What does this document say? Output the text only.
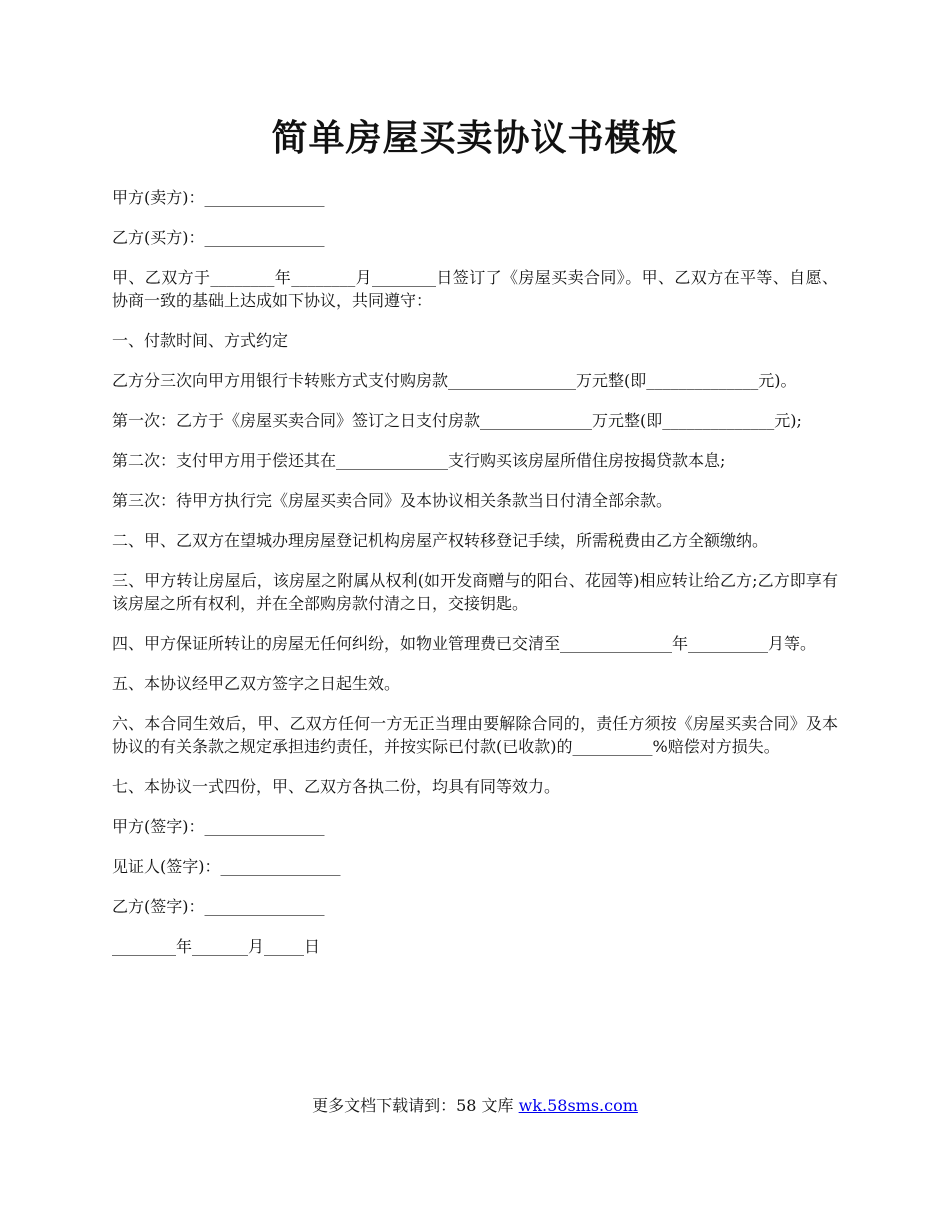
简单房屋买卖协议书模板

甲方(卖方)：_______________

乙方(买方)：_______________

甲、乙双方于________年________月________日签订了《房屋买卖合同》。甲、乙双方在平等、自愿、协商一致的基础上达成如下协议，共同遵守：

一、付款时间、方式约定

乙方分三次向甲方用银行卡转账方式支付购房款________________万元整(即______________元)。

第一次：乙方于《房屋买卖合同》签订之日支付房款______________万元整(即______________元);

第二次：支付甲方用于偿还其在______________支行购买该房屋所借住房按揭贷款本息;

第三次：待甲方执行完《房屋买卖合同》及本协议相关条款当日付清全部余款。

二、甲、乙双方在望城办理房屋登记机构房屋产权转移登记手续，所需税费由乙方全额缴纳。

三、甲方转让房屋后，该房屋之附属从权利(如开发商赠与的阳台、花园等)相应转让给乙方;乙方即享有该房屋之所有权利，并在全部购房款付清之日，交接钥匙。

四、甲方保证所转让的房屋无任何纠纷，如物业管理费已交清至______________年__________月等。

五、本协议经甲乙双方签字之日起生效。

六、本合同生效后，甲、乙双方任何一方无正当理由要解除合同的，责任方须按《房屋买卖合同》及本协议的有关条款之规定承担违约责任，并按实际已付款(已收款)的__________%赔偿对方损失。

七、本协议一式四份，甲、乙双方各执二份，均具有同等效力。

甲方(签字)：_______________

见证人(签字)：_______________

乙方(签字)：_______________

________年_______月_____日

更多文档下载请到：58 文库 wk.58sms.com
